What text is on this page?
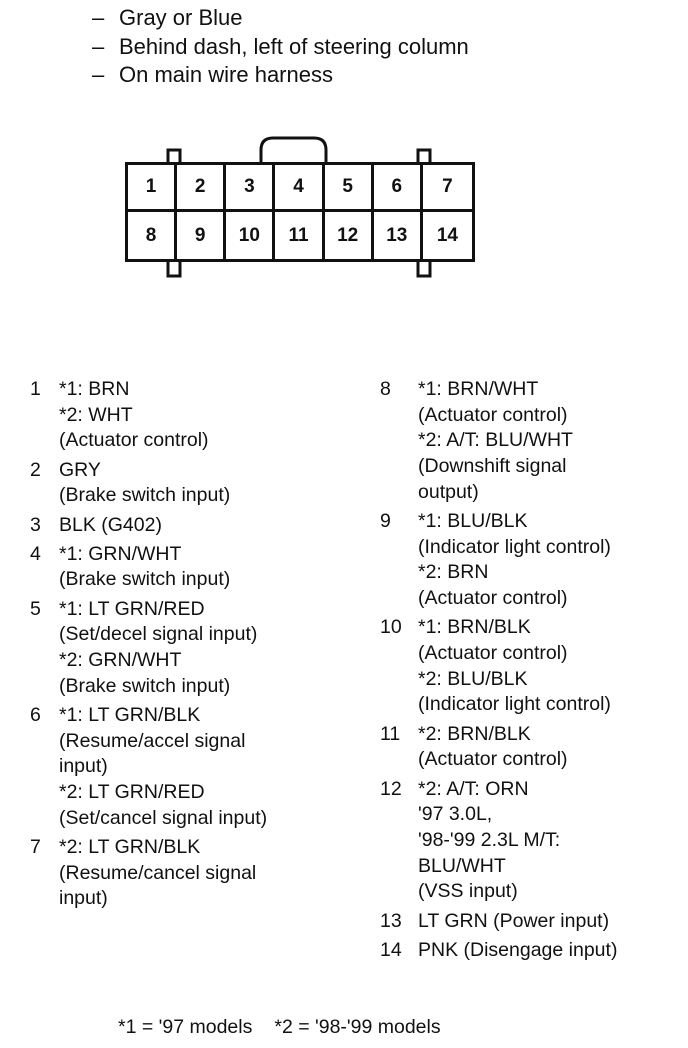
– Gray or Blue
– Behind dash, left of steering column
– On main wire harness
1	2	3	4	5	6	7
8	9	10	11	12	13	14
1 *1: BRN
*2: WHT
(Actuator control)
2 GRY
(Brake switch input)
3 BLK (G402)
4 *1: GRN/WHT
(Brake switch input)
5 *1: LT GRN/RED
(Set/decel signal input)
*2: GRN/WHT
(Brake switch input)
6 *1: LT GRN/BLK
(Resume/accel signal
input)
*2: LT GRN/RED
(Set/cancel signal input)
7 *2: LT GRN/BLK
(Resume/cancel signal
input)
8	*1: BRN/WHT
(Actuator control)
*2: A/T: BLU/WHT
(Downshift signal
output)
9	*1: BLU/BLK
(Indicator light control)
*2: BRN
(Actuator control)
10 *1: BRN/BLK
(Actuator control)
*2: BLU/BLK
(Indicator light control)
11 *2: BRN/BLK
(Actuator control)
12 *2: A/T: ORN
'97 3.0L,
'98-'99 2.3L M/T:
BLU/WHT
(VSS input)
13 LT GRN (Power input)
14 PNK (Disengage input)
*1 = '97 models *2 = '98-'99 models
